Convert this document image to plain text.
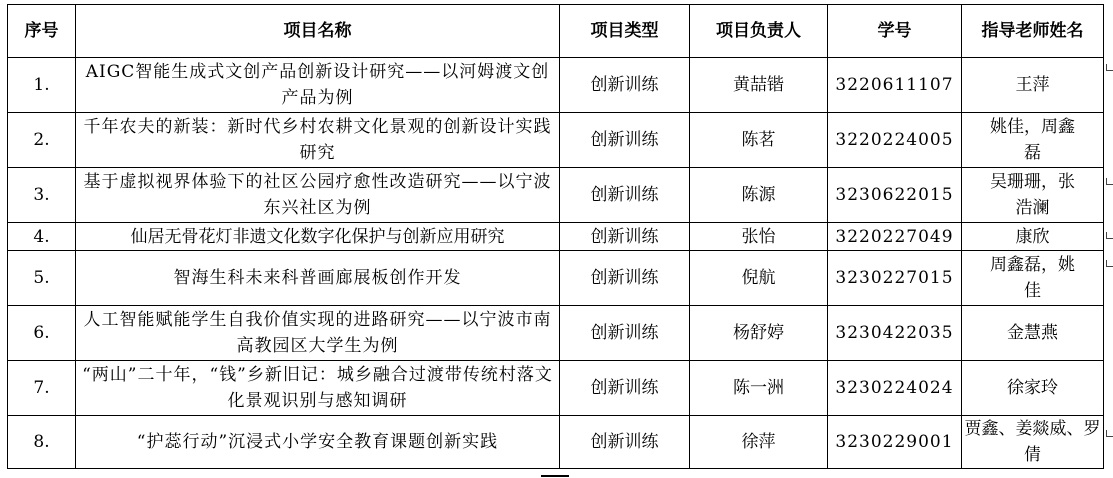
序号	项目名称	项目类型	项目负责人	学号	指导老师姓名
1.	AIGC智能生成式文创产品创新设计研究——以河姆渡文创产品为例	创新训练	黄喆锴	3220611107	王萍
2.	千年农夫的新装：新时代乡村农耕文化景观的创新设计实践研究	创新训练	陈茗	3220224005	姚佳，周鑫磊
3.	基于虚拟视界体验下的社区公园疗愈性改造研究——以宁波东兴社区为例	创新训练	陈源	3230622015	吴珊珊，张浩澜
4.	仙居无骨花灯非遗文化数字化保护与创新应用研究	创新训练	张怡	3220227049	康欣
5.	智海生科未来科普画廊展板创作开发	创新训练	倪航	3230227015	周鑫磊，姚佳
6.	人工智能赋能学生自我价值实现的进路研究——以宁波市南高教园区大学生为例	创新训练	杨舒婷	3230422035	金慧燕
7.	“两山”二十年，“钱”乡新旧记：城乡融合过渡带传统村落文化景观识别与感知调研	创新训练	陈一洲	3230224024	徐家玲
8.	“护蕊行动”沉浸式小学安全教育课题创新实践	创新训练	徐萍	3230229001	贾鑫、姜燚威、罗倩
